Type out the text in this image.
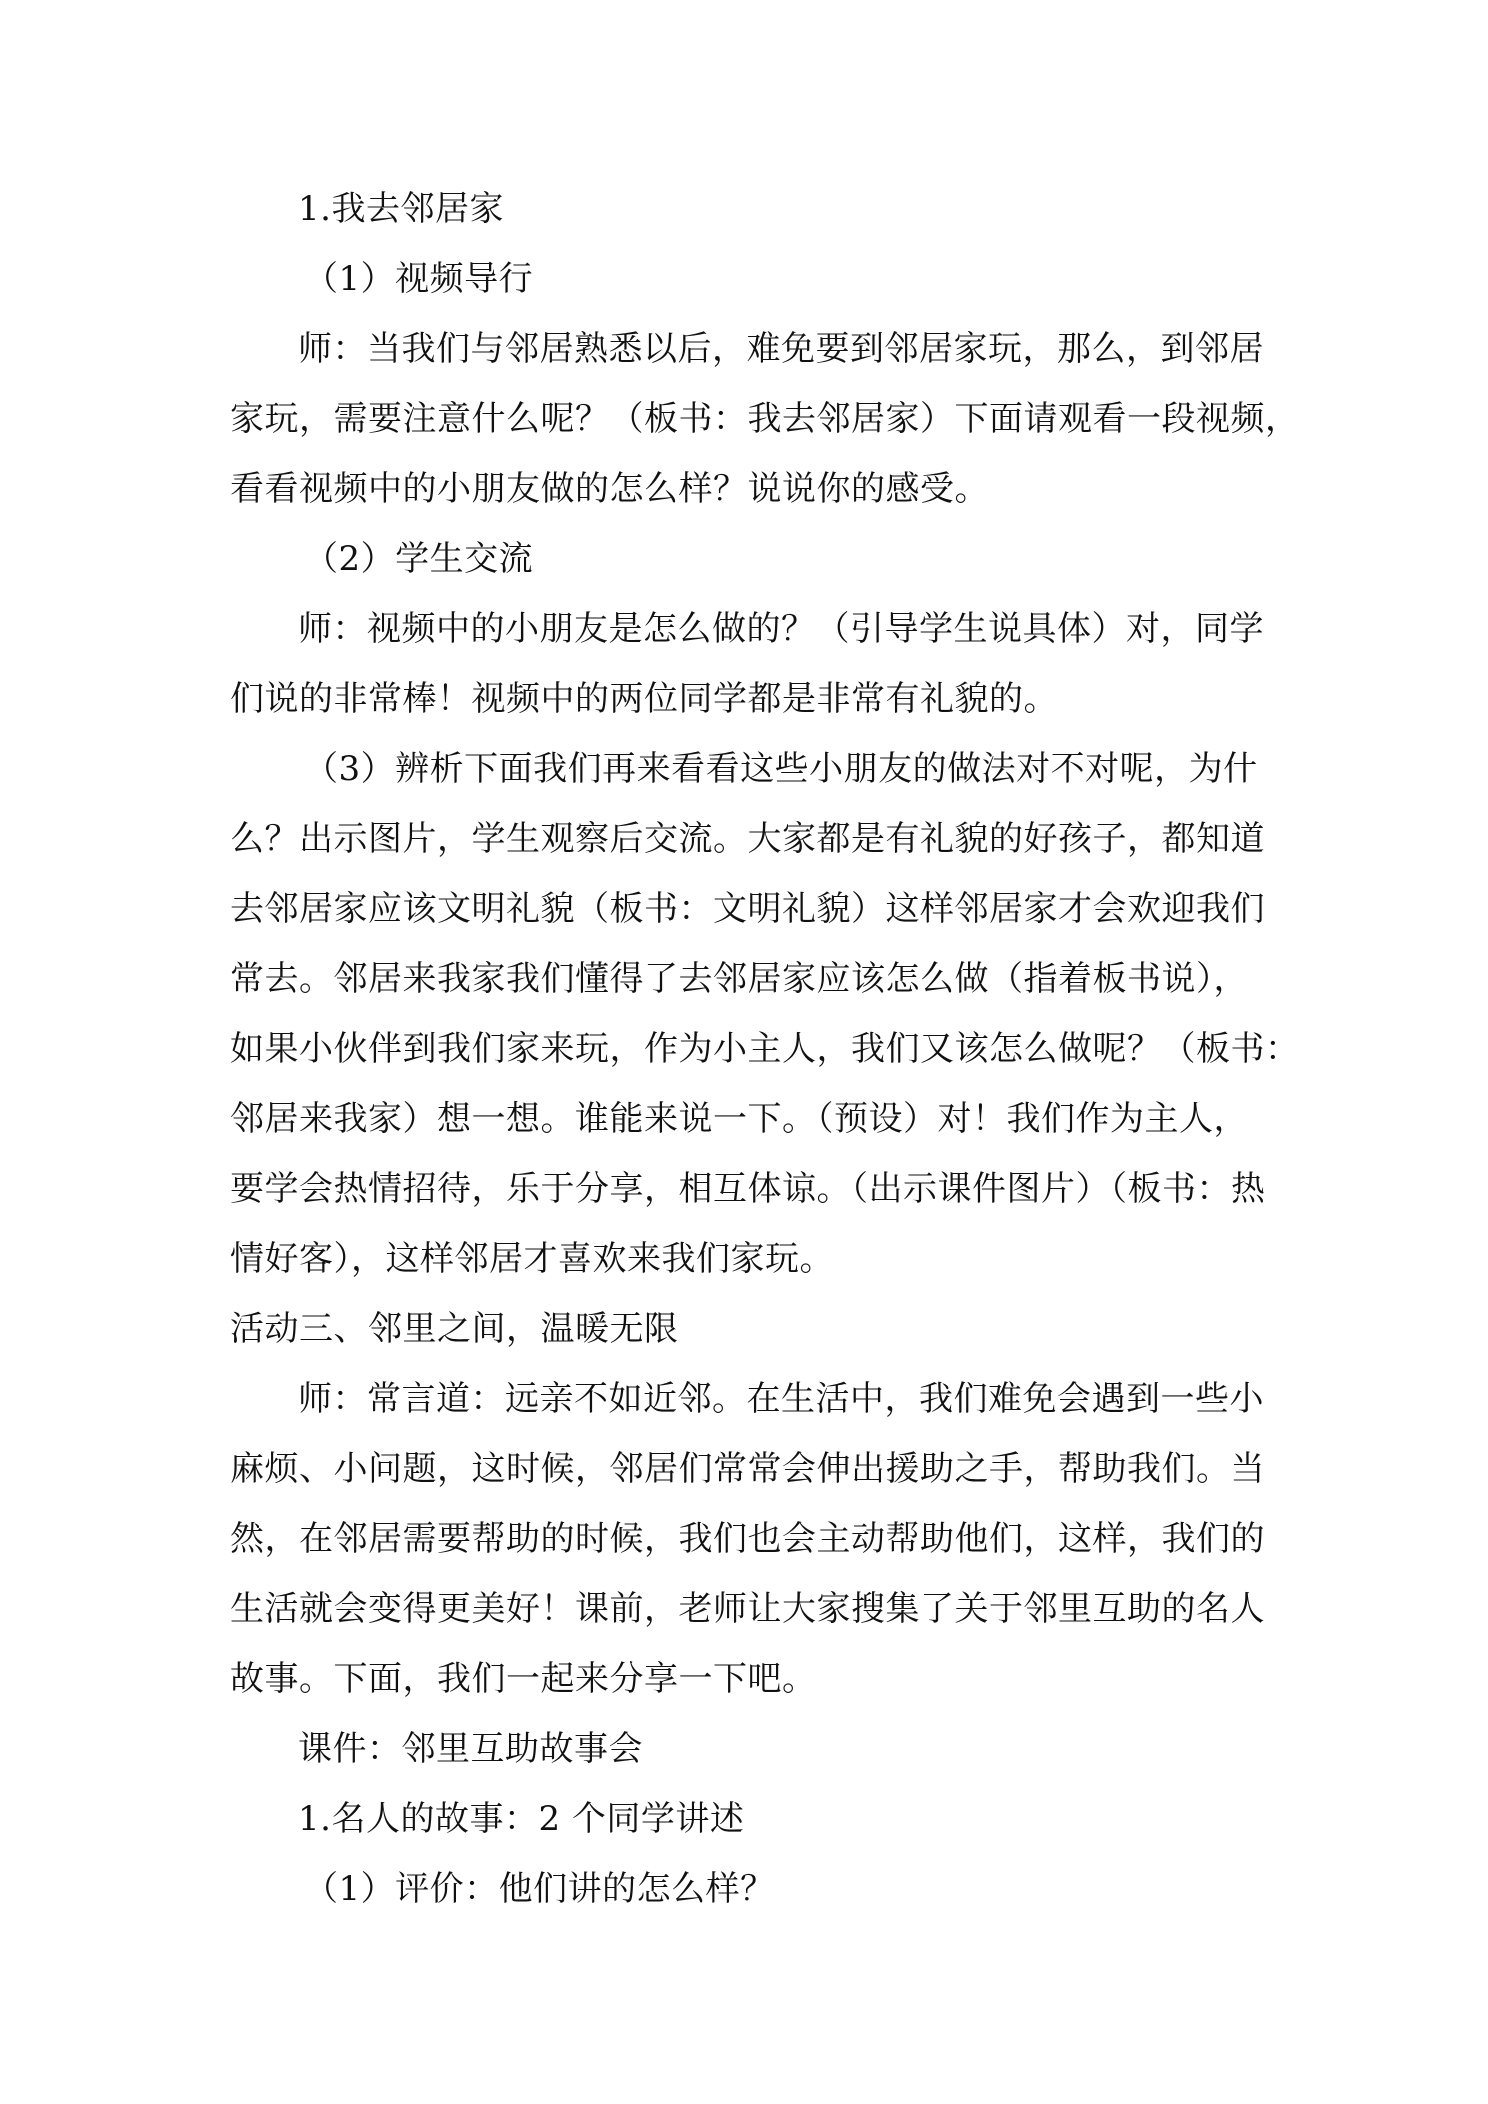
1.我去邻居家
（1）视频导行
师：当我们与邻居熟悉以后，难免要到邻居家玩，那么，到邻居
家玩，需要注意什么呢？（板书：我去邻居家）下面请观看一段视频，
看看视频中的小朋友做的怎么样？说说你的感受。
（2）学生交流
师：视频中的小朋友是怎么做的？（引导学生说具体）对，同学
们说的非常棒！视频中的两位同学都是非常有礼貌的。
（3）辨析下面我们再来看看这些小朋友的做法对不对呢，为什
么？出示图片，学生观察后交流。大家都是有礼貌的好孩子，都知道
去邻居家应该文明礼貌（板书：文明礼貌）这样邻居家才会欢迎我们
常去。邻居来我家我们懂得了去邻居家应该怎么做（指着板书说），
如果小伙伴到我们家来玩，作为小主人，我们又该怎么做呢？（板书：
邻居来我家）想一想。谁能来说一下。（预设）对！我们作为主人，
要学会热情招待，乐于分享，相互体谅。（出示课件图片）（板书：热
情好客），这样邻居才喜欢来我们家玩。
活动三、邻里之间，温暖无限
师：常言道：远亲不如近邻。在生活中，我们难免会遇到一些小
麻烦、小问题，这时候，邻居们常常会伸出援助之手，帮助我们。当
然，在邻居需要帮助的时候，我们也会主动帮助他们，这样，我们的
生活就会变得更美好！课前，老师让大家搜集了关于邻里互助的名人
故事。下面，我们一起来分享一下吧。
课件：邻里互助故事会
1.名人的故事：2 个同学讲述
（1）评价：他们讲的怎么样？
